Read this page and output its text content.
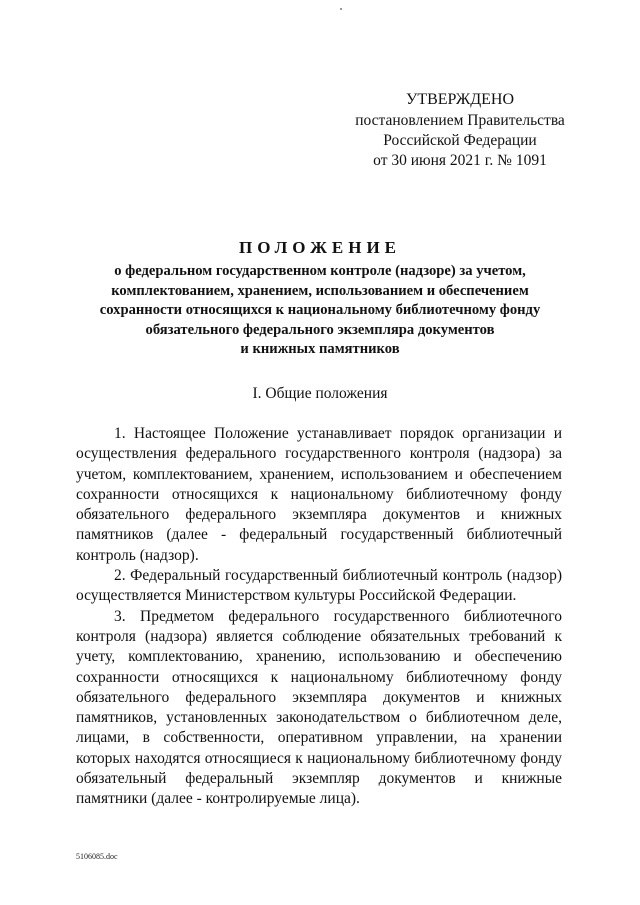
УТВЕРЖДЕНО
постановлением Правительства
Российской Федерации
от 30 июня 2021 г. № 1091
ПОЛОЖЕНИЕ
о федеральном государственном контроле (надзоре) за учетом,
комплектованием, хранением, использованием и обеспечением
сохранности относящихся к национальному библиотечному фонду
обязательного федерального экземпляра документов
и книжных памятников
I. Общие положения

1. Настоящее Положение устанавливает порядок организации и осуществления федерального государственного контроля (надзора) за учетом, комплектованием, хранением, использованием и обеспечением сохранности относящихся к национальному библиотечному фонду обязательного федерального экземпляра документов и книжных памятников (далее - федеральный государственный библиотечный контроль (надзор).

2. Федеральный государственный библиотечный контроль (надзор) осуществляется Министерством культуры Российской Федерации.

3. Предметом федерального государственного библиотечного контроля (надзора) является соблюдение обязательных требований к учету, комплектованию, хранению, использованию и обеспечению сохранности относящихся к национальному библиотечному фонду обязательного федерального экземпляра документов и книжных памятников, установленных законодательством о библиотечном деле, лицами, в собственности, оперативном управлении, на хранении которых находятся относящиеся к национальному библиотечному фонду обязательный федеральный экземпляр документов и книжные памятники (далее - контролируемые лица).

5106085.doc
